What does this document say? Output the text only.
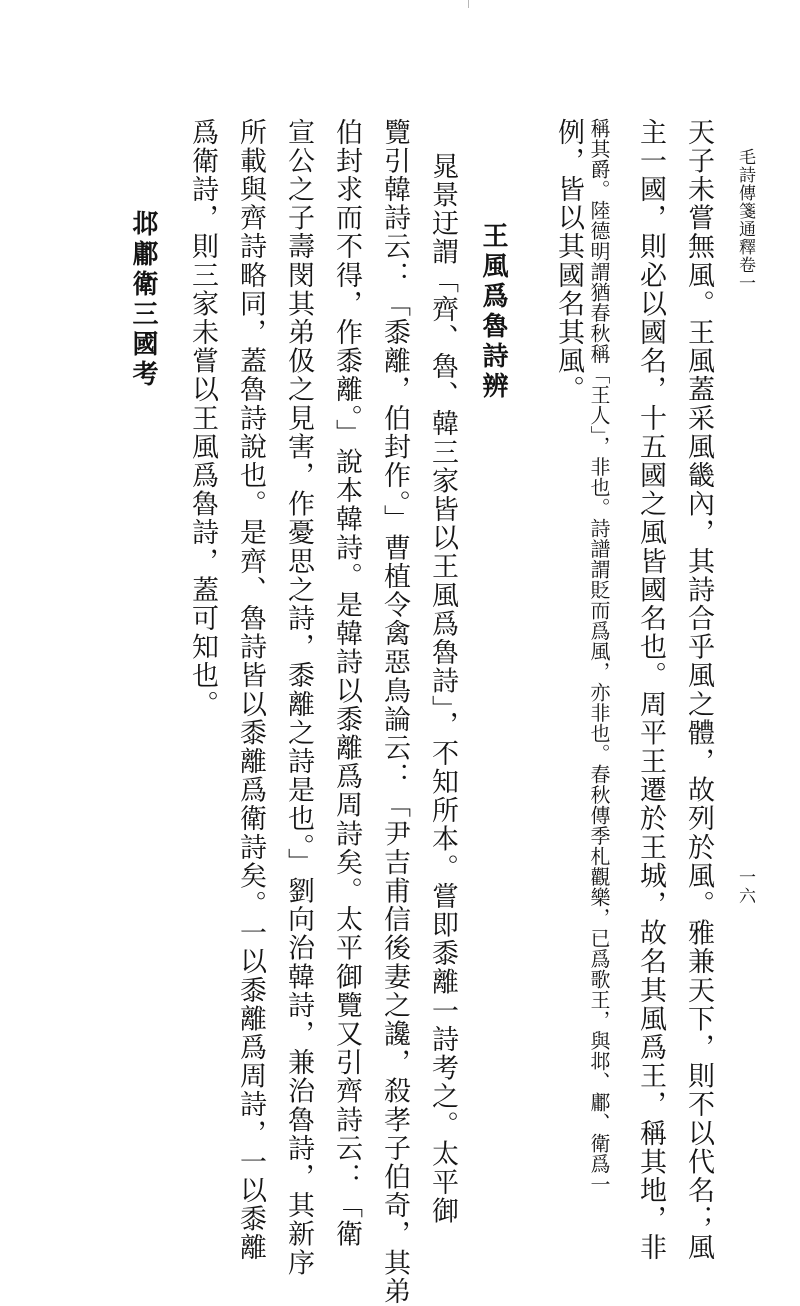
毛詩傳箋通釋卷一
一六
天子未嘗無風。王風蓋采風畿內，其詩合乎風之體，故列於風。雅兼天下，則不以代名；風
主一國，則必以國名，十五國之風皆國名也。周平王遷於王城，故名其風爲王，稱其地，非
稱其爵。陸德明謂猶春秋稱「王人」，非也。詩譜謂貶而爲風，亦非也。春秋傳季札觀樂，已爲歌王，與邶、鄘、衛爲一
例，皆以其國名其風。
王風爲魯詩辨
晁景迂謂「齊、魯、韓三家皆以王風爲魯詩」，不知所本。嘗即黍離一詩考之。太平御
覽引韓詩云：「黍離，伯封作。」曹植令禽惡鳥論云：「尹吉甫信後妻之讒，殺孝子伯奇，其弟
伯封求而不得，作黍離。」說本韓詩。是韓詩以黍離爲周詩矣。太平御覽又引齊詩云：「衛
宣公之子壽閔其弟伋之見害，作憂思之詩，黍離之詩是也。」劉向治韓詩，兼治魯詩，其新序
所載與齊詩略同，蓋魯詩說也。是齊、魯詩皆以黍離爲衛詩矣。一以黍離爲周詩，一以黍離
爲衛詩，則三家未嘗以王風爲魯詩，蓋可知也。
邶鄘衛三國考
